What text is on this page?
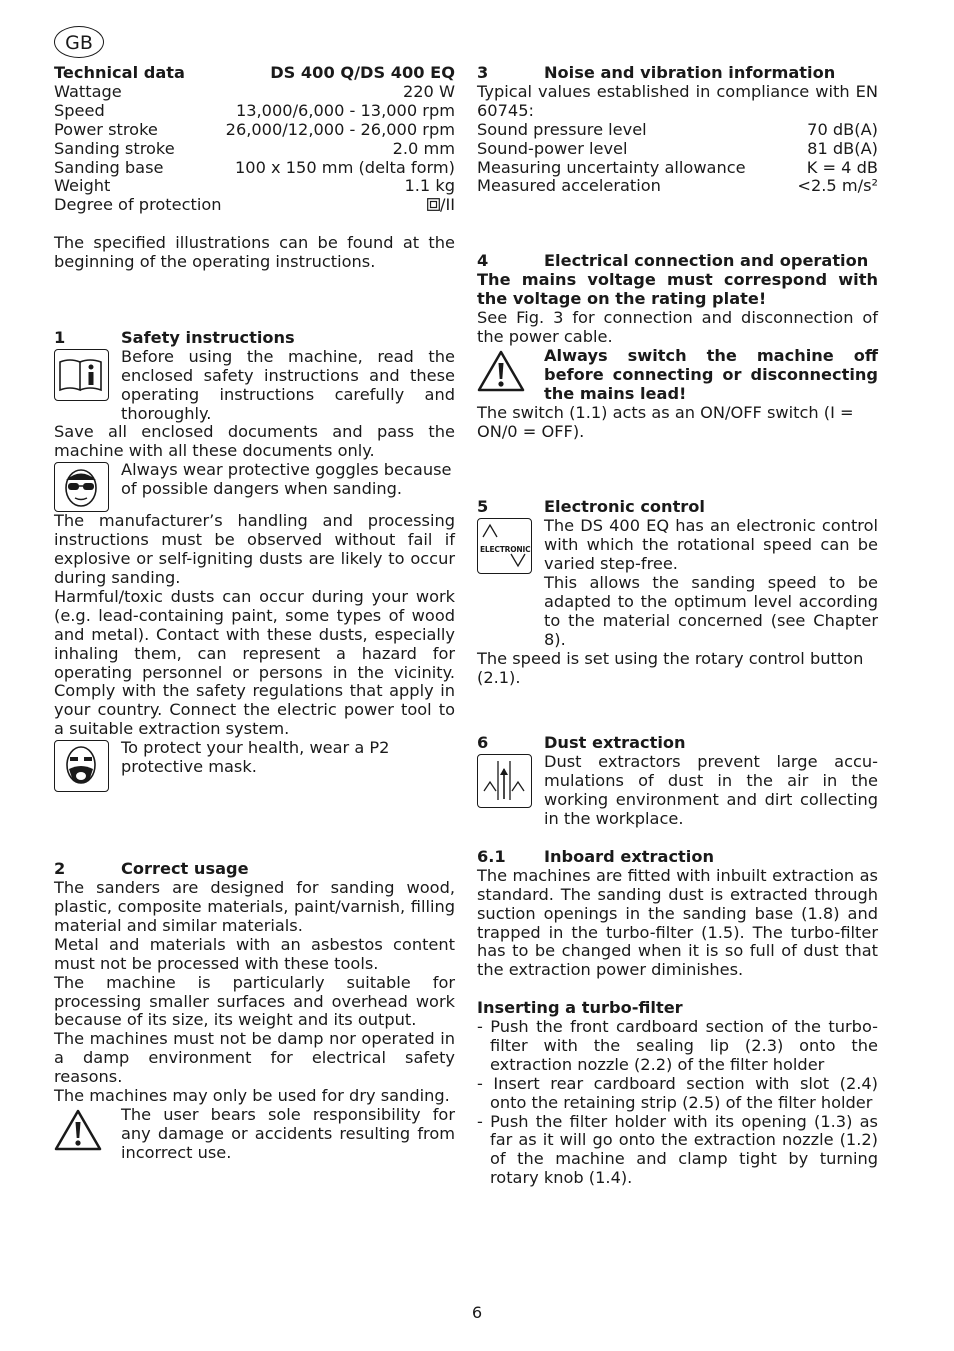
GB
Technical data	DS 400 Q/DS 400 EQ
Wattage	220 W
Speed	13,000/6,000 - 13,000 rpm
Power stroke	26,000/12,000 - 26,000 rpm
Sanding stroke	2.0 mm
Sanding base	100 x 150 mm (delta form)
Weight	1.1 kg
Degree of protection	/II

The specified illustrations can be found at the beginning of the operating instructions.

1	Safety instructions

Before using the machine, read the enclosed safety instructions and these operating instructions carefully and thoroughly.

Save all enclosed documents and pass the machine with all these documents only.

Always wear protective goggles because of possible dangers when sanding.

The manufacturer’s handling and processing instructions must be observed without fail if explosive or self-igniting dusts are likely to occur during sanding.

Harmful/toxic dusts can occur during your work (e.g. lead-containing paint, some types of wood and metal). Contact with these dusts, especially inhaling them, can represent a hazard for operating personnel or persons in the vicinity. Comply with the safety regulations that apply in your country. Connect the electric power tool to a suitable extraction system.

To protect your health, wear a P2 protective mask.

2	Correct usage

The sanders are designed for sanding wood, plastic, composite materials, paint/varnish, filling material and similar materials.

Metal and materials with an asbestos content must not be processed with these tools.

The machine is particularly suitable for processing smaller surfaces and overhead work because of its size, its weight and its output.

The machines must not be damp nor operated in a damp environment for electrical safety reasons.

The machines may only be used for dry sanding.

The user bears sole responsibility for any damage or accidents resulting from incorrect use.

3	Noise and vibration information

Typical values established in compliance with EN 60745:

Sound pressure level	70 dB(A)
Sound-power level	81 dB(A)
Measuring uncertainty allowance	K = 4 dB
Measured acceleration	<2.5 m/s²
4	Electrical connection and operation

The mains voltage must correspond with the voltage on the rating plate!

See Fig. 3 for connection and disconnection of the power cable.

Always switch the machine off before connecting or disconnecting the mains lead!

The switch (1.1) acts as an ON/OFF switch (I = ON/0 = OFF).

5	Electronic control
ELECTRONIC

The DS 400 EQ has an electronic control with which the rotational speed can be varied step-free.

This allows the sanding speed to be adapted to the optimum level according to the material concerned (see Chapter 8).

The speed is set using the rotary control button (2.1).

6	Dust extraction

Dust extractors prevent large accu-mulations of dust in the air in the working environment and dirt collecting in the workplace.

6.1	Inboard extraction

The machines are fitted with inbuilt extraction as standard. The sanding dust is extracted through suction openings in the sanding base (1.8) and trapped in the turbo-filter (1.5). The turbo-filter has to be changed when it is so full of dust that the extraction power diminishes.

Inserting a turbo-filter
- Push the front cardboard section of the turbo-filter with the sealing lip (2.3) onto the extraction nozzle (2.2) of the filter holder
- Insert rear cardboard section with slot (2.4) onto the retaining strip (2.5) of the filter holder
- Push the filter holder with its opening (1.3) as far as it will go onto the extraction nozzle (1.2) of the machine and clamp tight by turning rotary knob (1.4).
6
